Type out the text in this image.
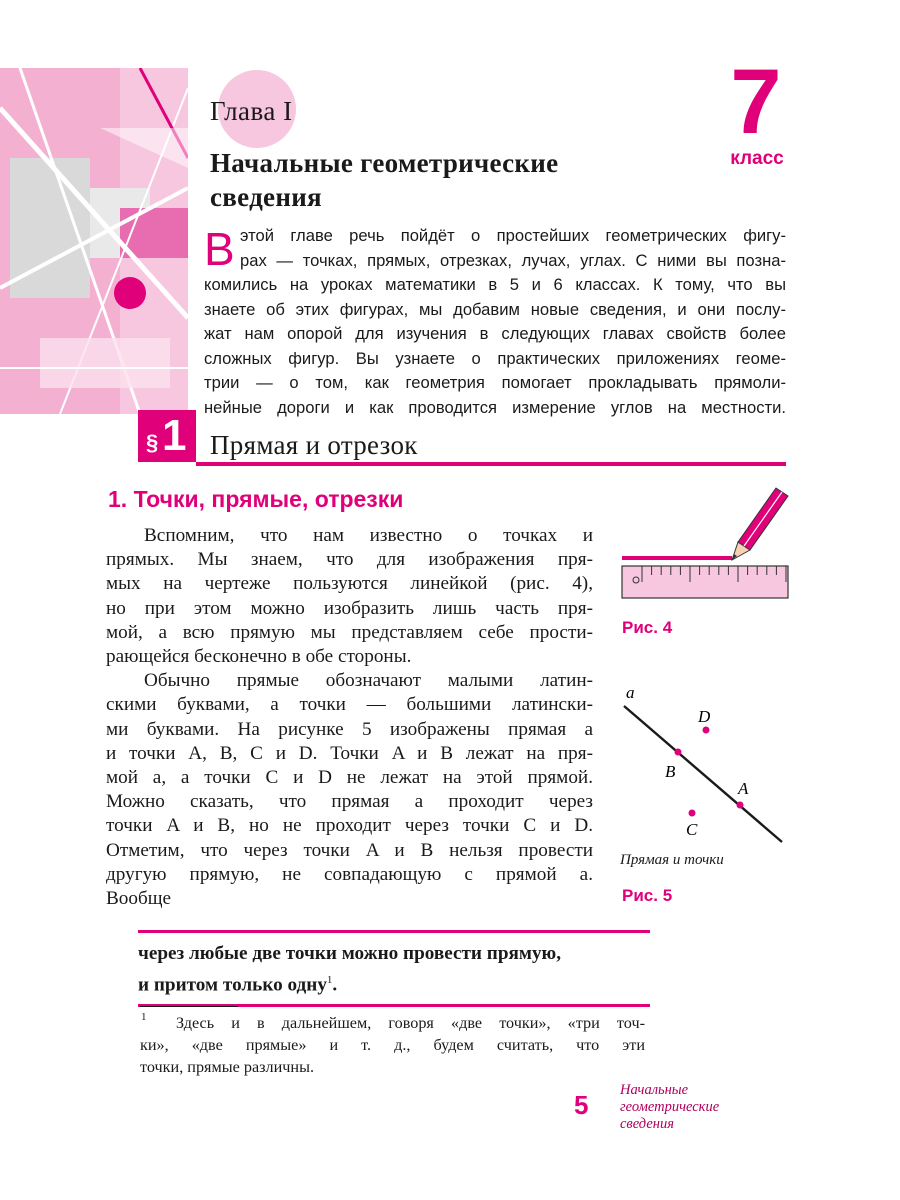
Глава I
Начальные геометрические
сведения
7
класс
В этой главе речь пойдёт о простейших геометрических фигу-
рах — точках, прямых, отрезках, лучах, углах. С ними вы позна-
комились на уроках математики в 5 и 6 классах. К тому, что вы
знаете об этих фигурах, мы добавим новые сведения, и они послу-
жат нам опорой для изучения в следующих главах свойств более
сложных фигур. Вы узнаете о практических приложениях геоме-
трии — о том, как геометрия помогает прокладывать прямоли-
нейные дороги и как проводится измерение углов на местности.
§ 1 Прямая и отрезок
1. Точки, прямые, отрезки
Вспомним, что нам известно о точках и
прямых. Мы знаем, что для изображения пря-
мых на чертеже пользуются линейкой (рис. 4),
но при этом можно изобразить лишь часть пря-
мой, а всю прямую мы представляем себе прости-
рающейся бесконечно в обе стороны.
Обычно прямые обозначают малыми латин-
скими буквами, а точки — большими латински-
ми буквами. На рисунке 5 изображены прямая a
и точки A, B, C и D. Точки A и B лежат на пря-
мой a, а точки C и D не лежат на этой прямой.
Можно сказать, что прямая a проходит через
точки A и B, но не проходит через точки C и D.
Отметим, что через точки A и B нельзя провести
другую прямую, не совпадающую с прямой a.
Вообще
Рис. 4
a
D
B
A
C
Прямая и точки
Рис. 5
через любые две точки можно провести прямую,
и притом только одну$^1$.
1	Здесь и в дальнейшем, говоря «две точки», «три точ-
ки», «две прямые» и т. д., будем считать, что эти
точки, прямые различны.
5 Начальные
геометрические
сведения
